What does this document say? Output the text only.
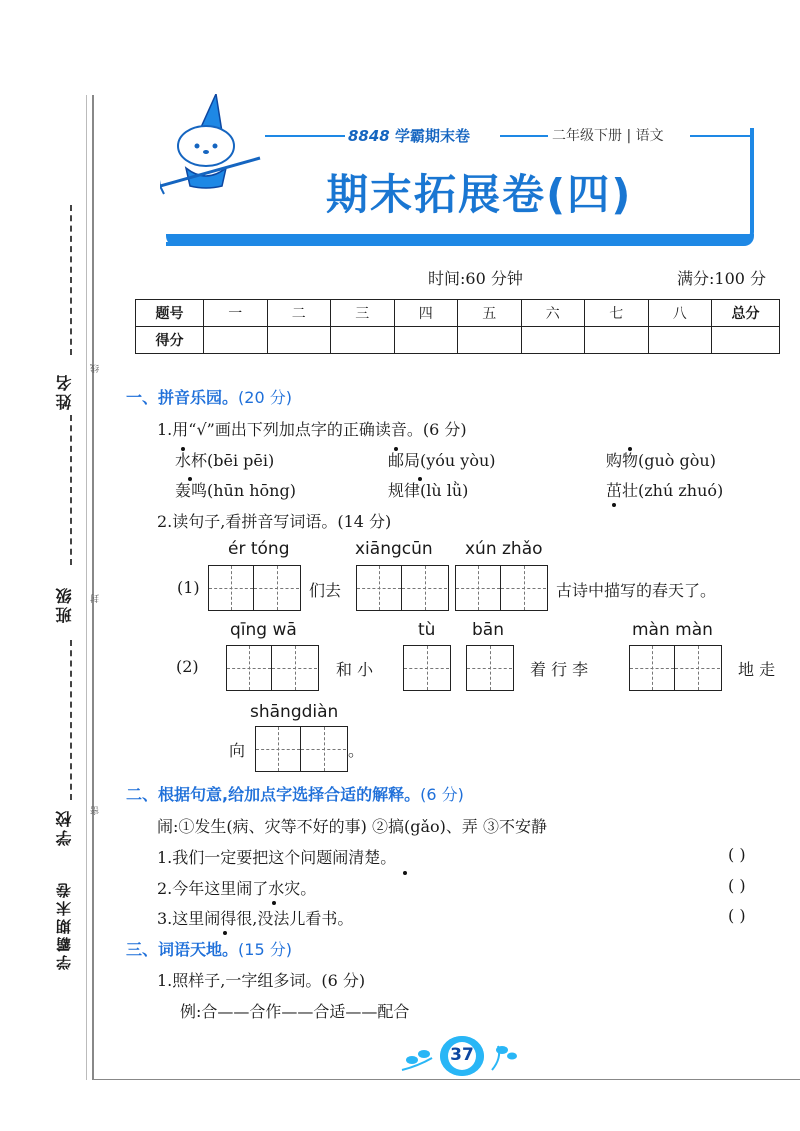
姓名
线
班级 封
学校 密
学霸期末卷
8848 学霸期末卷	二年级下册 | 语文
期末拓展卷(四)
时间:60 分钟	满分:100 分
题号	一	二	三	四	五	六	七	八	总分
得分									
一、拼音乐园。(20 分)
1.用“√”画出下列加点字的正确读音。(6 分)
水杯(bēi pēi)	邮局(yóu yòu)	购物(guò gòu)
轰鸣(hūn hōng)	规律(lù lǜ)	茁壮(zhú zhuó)
2.读句子,看拼音写词语。(14 分)
ér tóng	xiāngcūn xún zhǎo
(1)	们去	古诗中描写的春天了。
qīng wā	tù bān	màn màn
(2)	和 小	着 行 李	地 走
shāngdiàn
向	。
二、根据句意,给加点字选择合适的解释。(6 分)
闹:①发生(病、灾等不好的事) ②搞(gǎo)、弄 ③不安静
1.我们一定要把这个问题闹清楚。	( )
2.今年这里闹了水灾。	( )
3.这里闹得很,没法儿看书。	( )
三、词语天地。(15 分)
1.照样子,一字组多词。(6 分)
例:合——合作——合适——配合
37
